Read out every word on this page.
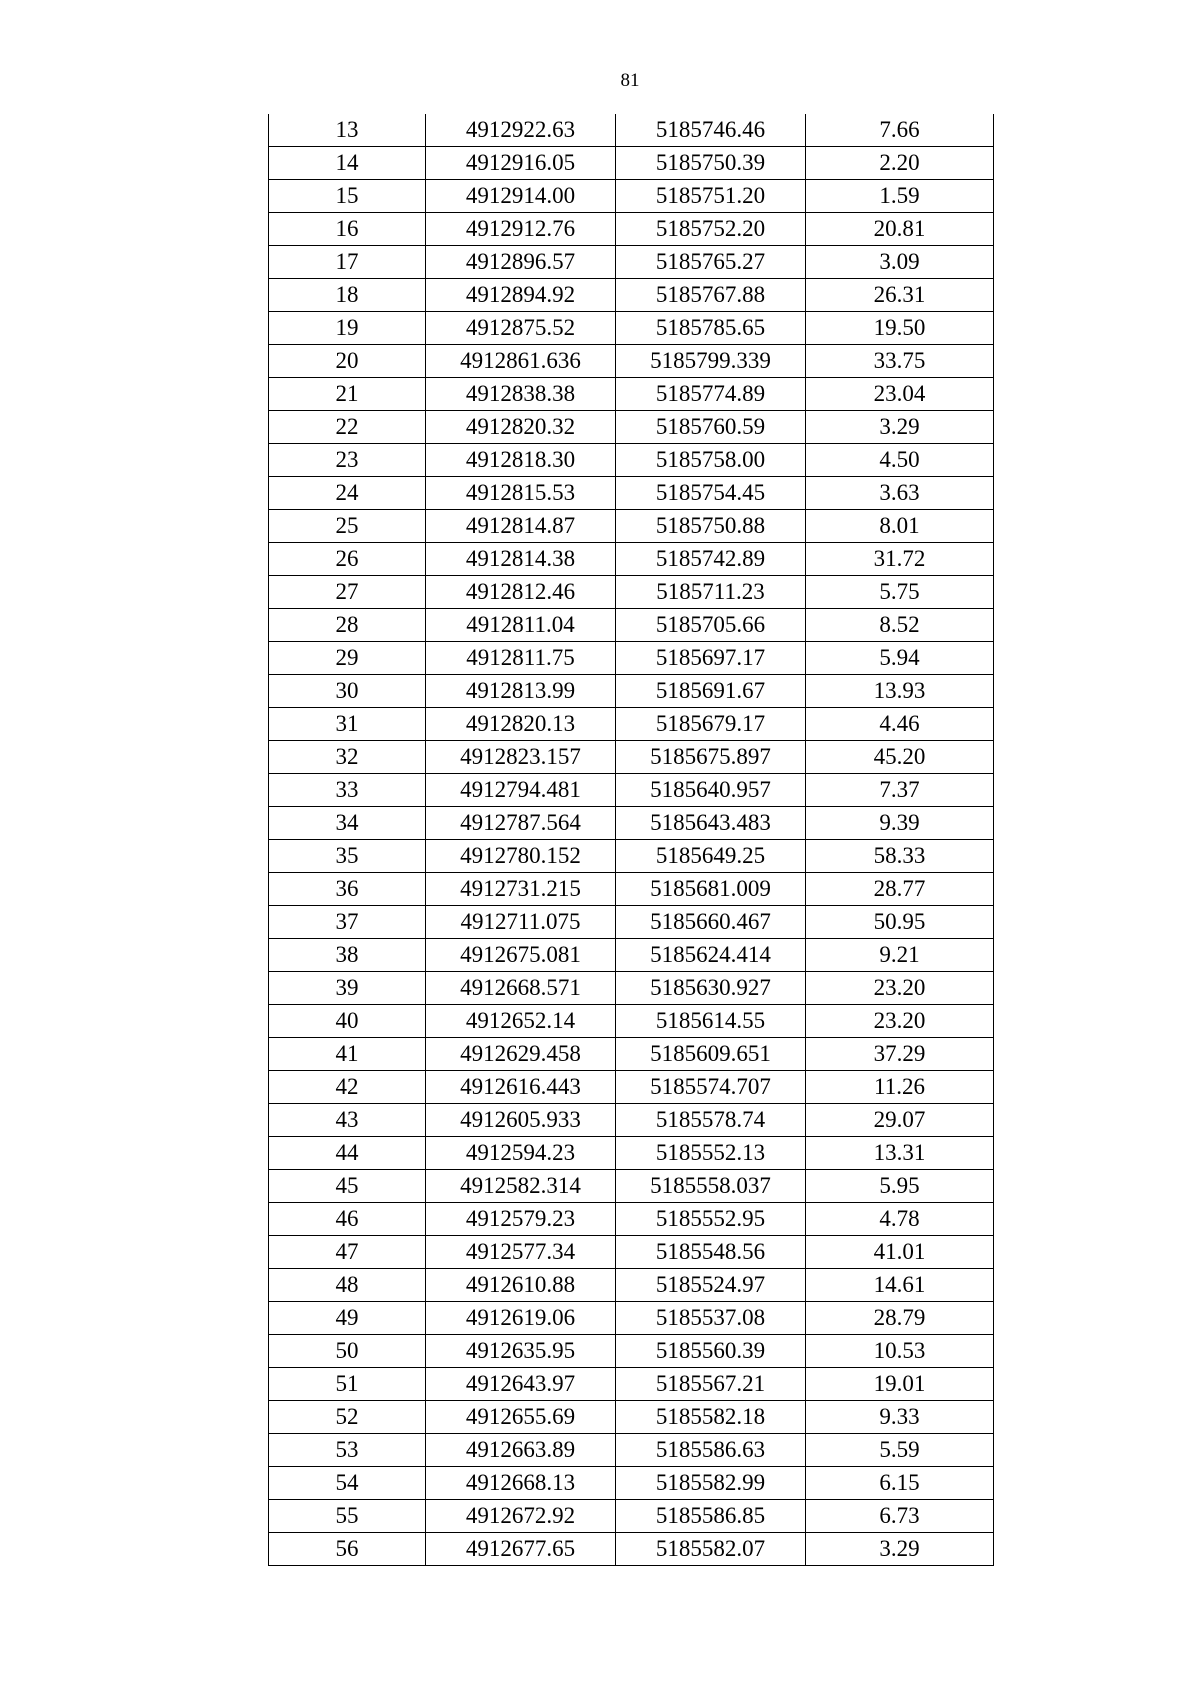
81
13	4912922.63	5185746.46	7.66
14	4912916.05	5185750.39	2.20
15	4912914.00	5185751.20	1.59
16	4912912.76	5185752.20	20.81
17	4912896.57	5185765.27	3.09
18	4912894.92	5185767.88	26.31
19	4912875.52	5185785.65	19.50
20	4912861.636	5185799.339	33.75
21	4912838.38	5185774.89	23.04
22	4912820.32	5185760.59	3.29
23	4912818.30	5185758.00	4.50
24	4912815.53	5185754.45	3.63
25	4912814.87	5185750.88	8.01
26	4912814.38	5185742.89	31.72
27	4912812.46	5185711.23	5.75
28	4912811.04	5185705.66	8.52
29	4912811.75	5185697.17	5.94
30	4912813.99	5185691.67	13.93
31	4912820.13	5185679.17	4.46
32	4912823.157	5185675.897	45.20
33	4912794.481	5185640.957	7.37
34	4912787.564	5185643.483	9.39
35	4912780.152	5185649.25	58.33
36	4912731.215	5185681.009	28.77
37	4912711.075	5185660.467	50.95
38	4912675.081	5185624.414	9.21
39	4912668.571	5185630.927	23.20
40	4912652.14	5185614.55	23.20
41	4912629.458	5185609.651	37.29
42	4912616.443	5185574.707	11.26
43	4912605.933	5185578.74	29.07
44	4912594.23	5185552.13	13.31
45	4912582.314	5185558.037	5.95
46	4912579.23	5185552.95	4.78
47	4912577.34	5185548.56	41.01
48	4912610.88	5185524.97	14.61
49	4912619.06	5185537.08	28.79
50	4912635.95	5185560.39	10.53
51	4912643.97	5185567.21	19.01
52	4912655.69	5185582.18	9.33
53	4912663.89	5185586.63	5.59
54	4912668.13	5185582.99	6.15
55	4912672.92	5185586.85	6.73
56	4912677.65	5185582.07	3.29
